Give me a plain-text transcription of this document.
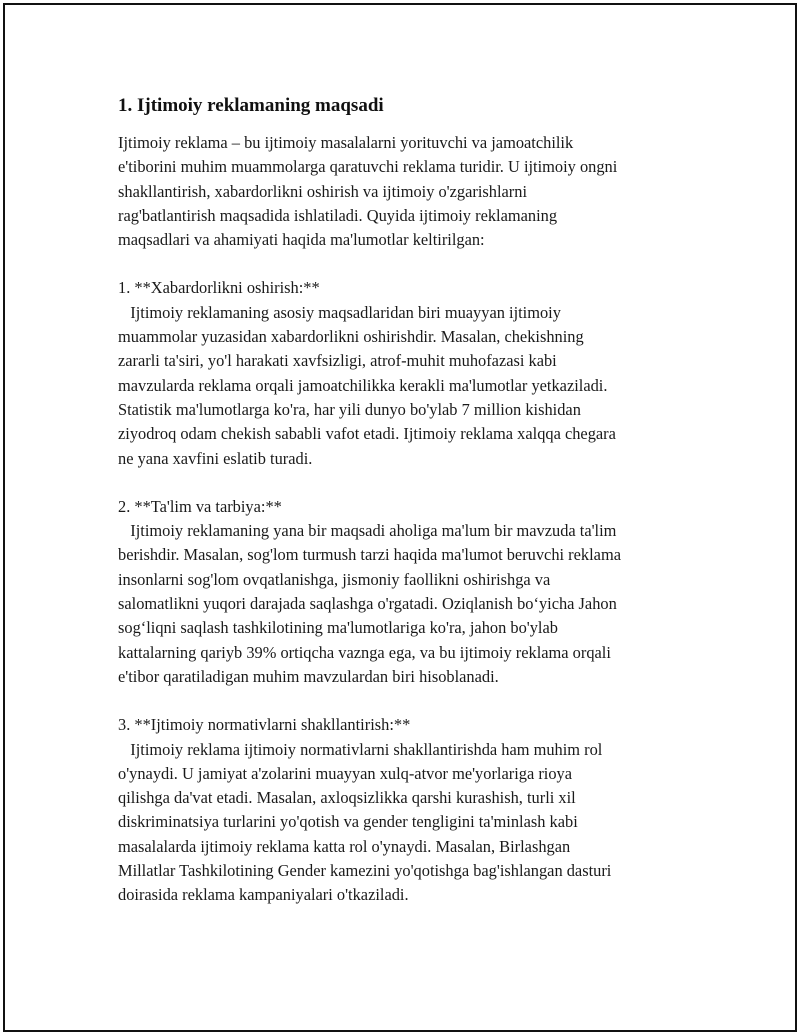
1. Ijtimoiy reklamaning maqsadi

Ijtimoiy reklama – bu ijtimoiy masalalarni yorituvchi va jamoatchilik
e'tiborini muhim muammolarga qaratuvchi reklama turidir. U ijtimoiy ongni
shakllantirish, xabardorlikni oshirish va ijtimoiy o'zgarishlarni
rag'batlantirish maqsadida ishlatiladi. Quyida ijtimoiy reklamaning
maqsadlari va ahamiyati haqida ma'lumotlar keltirilgan:

1. **Xabardorlikni oshirish:**

Ijtimoiy reklamaning asosiy maqsadlaridan biri muayyan ijtimoiy
muammolar yuzasidan xabardorlikni oshirishdir. Masalan, chekishning
zararli ta'siri, yo'l harakati xavfsizligi, atrof-muhit muhofazasi kabi
mavzularda reklama orqali jamoatchilikka kerakli ma'lumotlar yetkaziladi.
Statistik ma'lumotlarga ko'ra, har yili dunyo bo'ylab 7 million kishidan
ziyodroq odam chekish sababli vafot etadi. Ijtimoiy reklama xalqqa chegara
ne yana xavfini eslatib turadi.

2. **Ta'lim va tarbiya:**

Ijtimoiy reklamaning yana bir maqsadi aholiga ma'lum bir mavzuda ta'lim
berishdir. Masalan, sog'lom turmush tarzi haqida ma'lumot beruvchi reklama
insonlarni sog'lom ovqatlanishga, jismoniy faollikni oshirishga va
salomatlikni yuqori darajada saqlashga o'rgatadi. Oziqlanish bo‘yicha Jahon
sog‘liqni saqlash tashkilotining ma'lumotlariga ko'ra, jahon bo'ylab
kattalarning qariyb 39% ortiqcha vaznga ega, va bu ijtimoiy reklama orqali
e'tibor qaratiladigan muhim mavzulardan biri hisoblanadi.

3. **Ijtimoiy normativlarni shakllantirish:**

Ijtimoiy reklama ijtimoiy normativlarni shakllantirishda ham muhim rol
o'ynaydi. U jamiyat a'zolarini muayyan xulq-atvor me'yorlariga rioya
qilishga da'vat etadi. Masalan, axloqsizlikka qarshi kurashish, turli xil
diskriminatsiya turlarini yo'qotish va gender tengligini ta'minlash kabi
masalalarda ijtimoiy reklama katta rol o'ynaydi. Masalan, Birlashgan
Millatlar Tashkilotining Gender kamezini yo'qotishga bag'ishlangan dasturi
doirasida reklama kampaniyalari o'tkaziladi.
